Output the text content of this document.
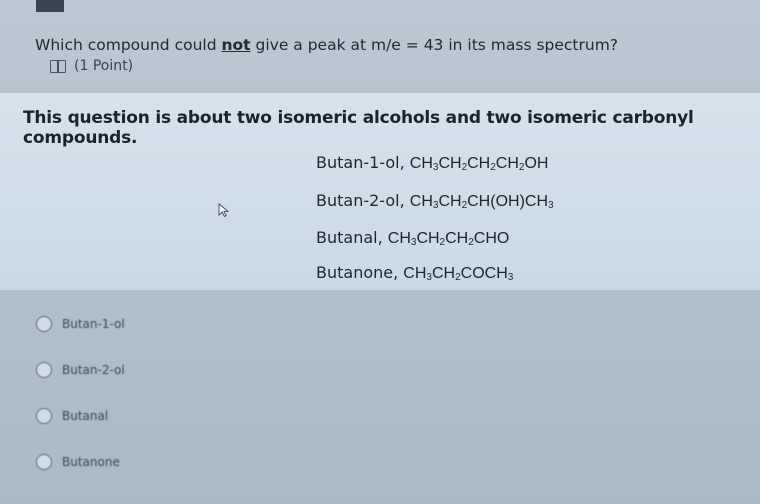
Which compound could not give a peak at m/e = 43 in its mass spectrum?
(1 Point)
This question is about two isomeric alcohols and two isomeric carbonyl compounds.
Butan-1-ol, $CH_3CH_2CH_2CH_2OH$
Butan-2-ol, $CH_3CH_2CH(OH)CH_3$
Butanal, $CH_3CH_2CH_2CHO$
Butanone, $CH_3CH_2COCH_3$
Butan-1-ol
Butan-2-ol
Butanal
Butanone
